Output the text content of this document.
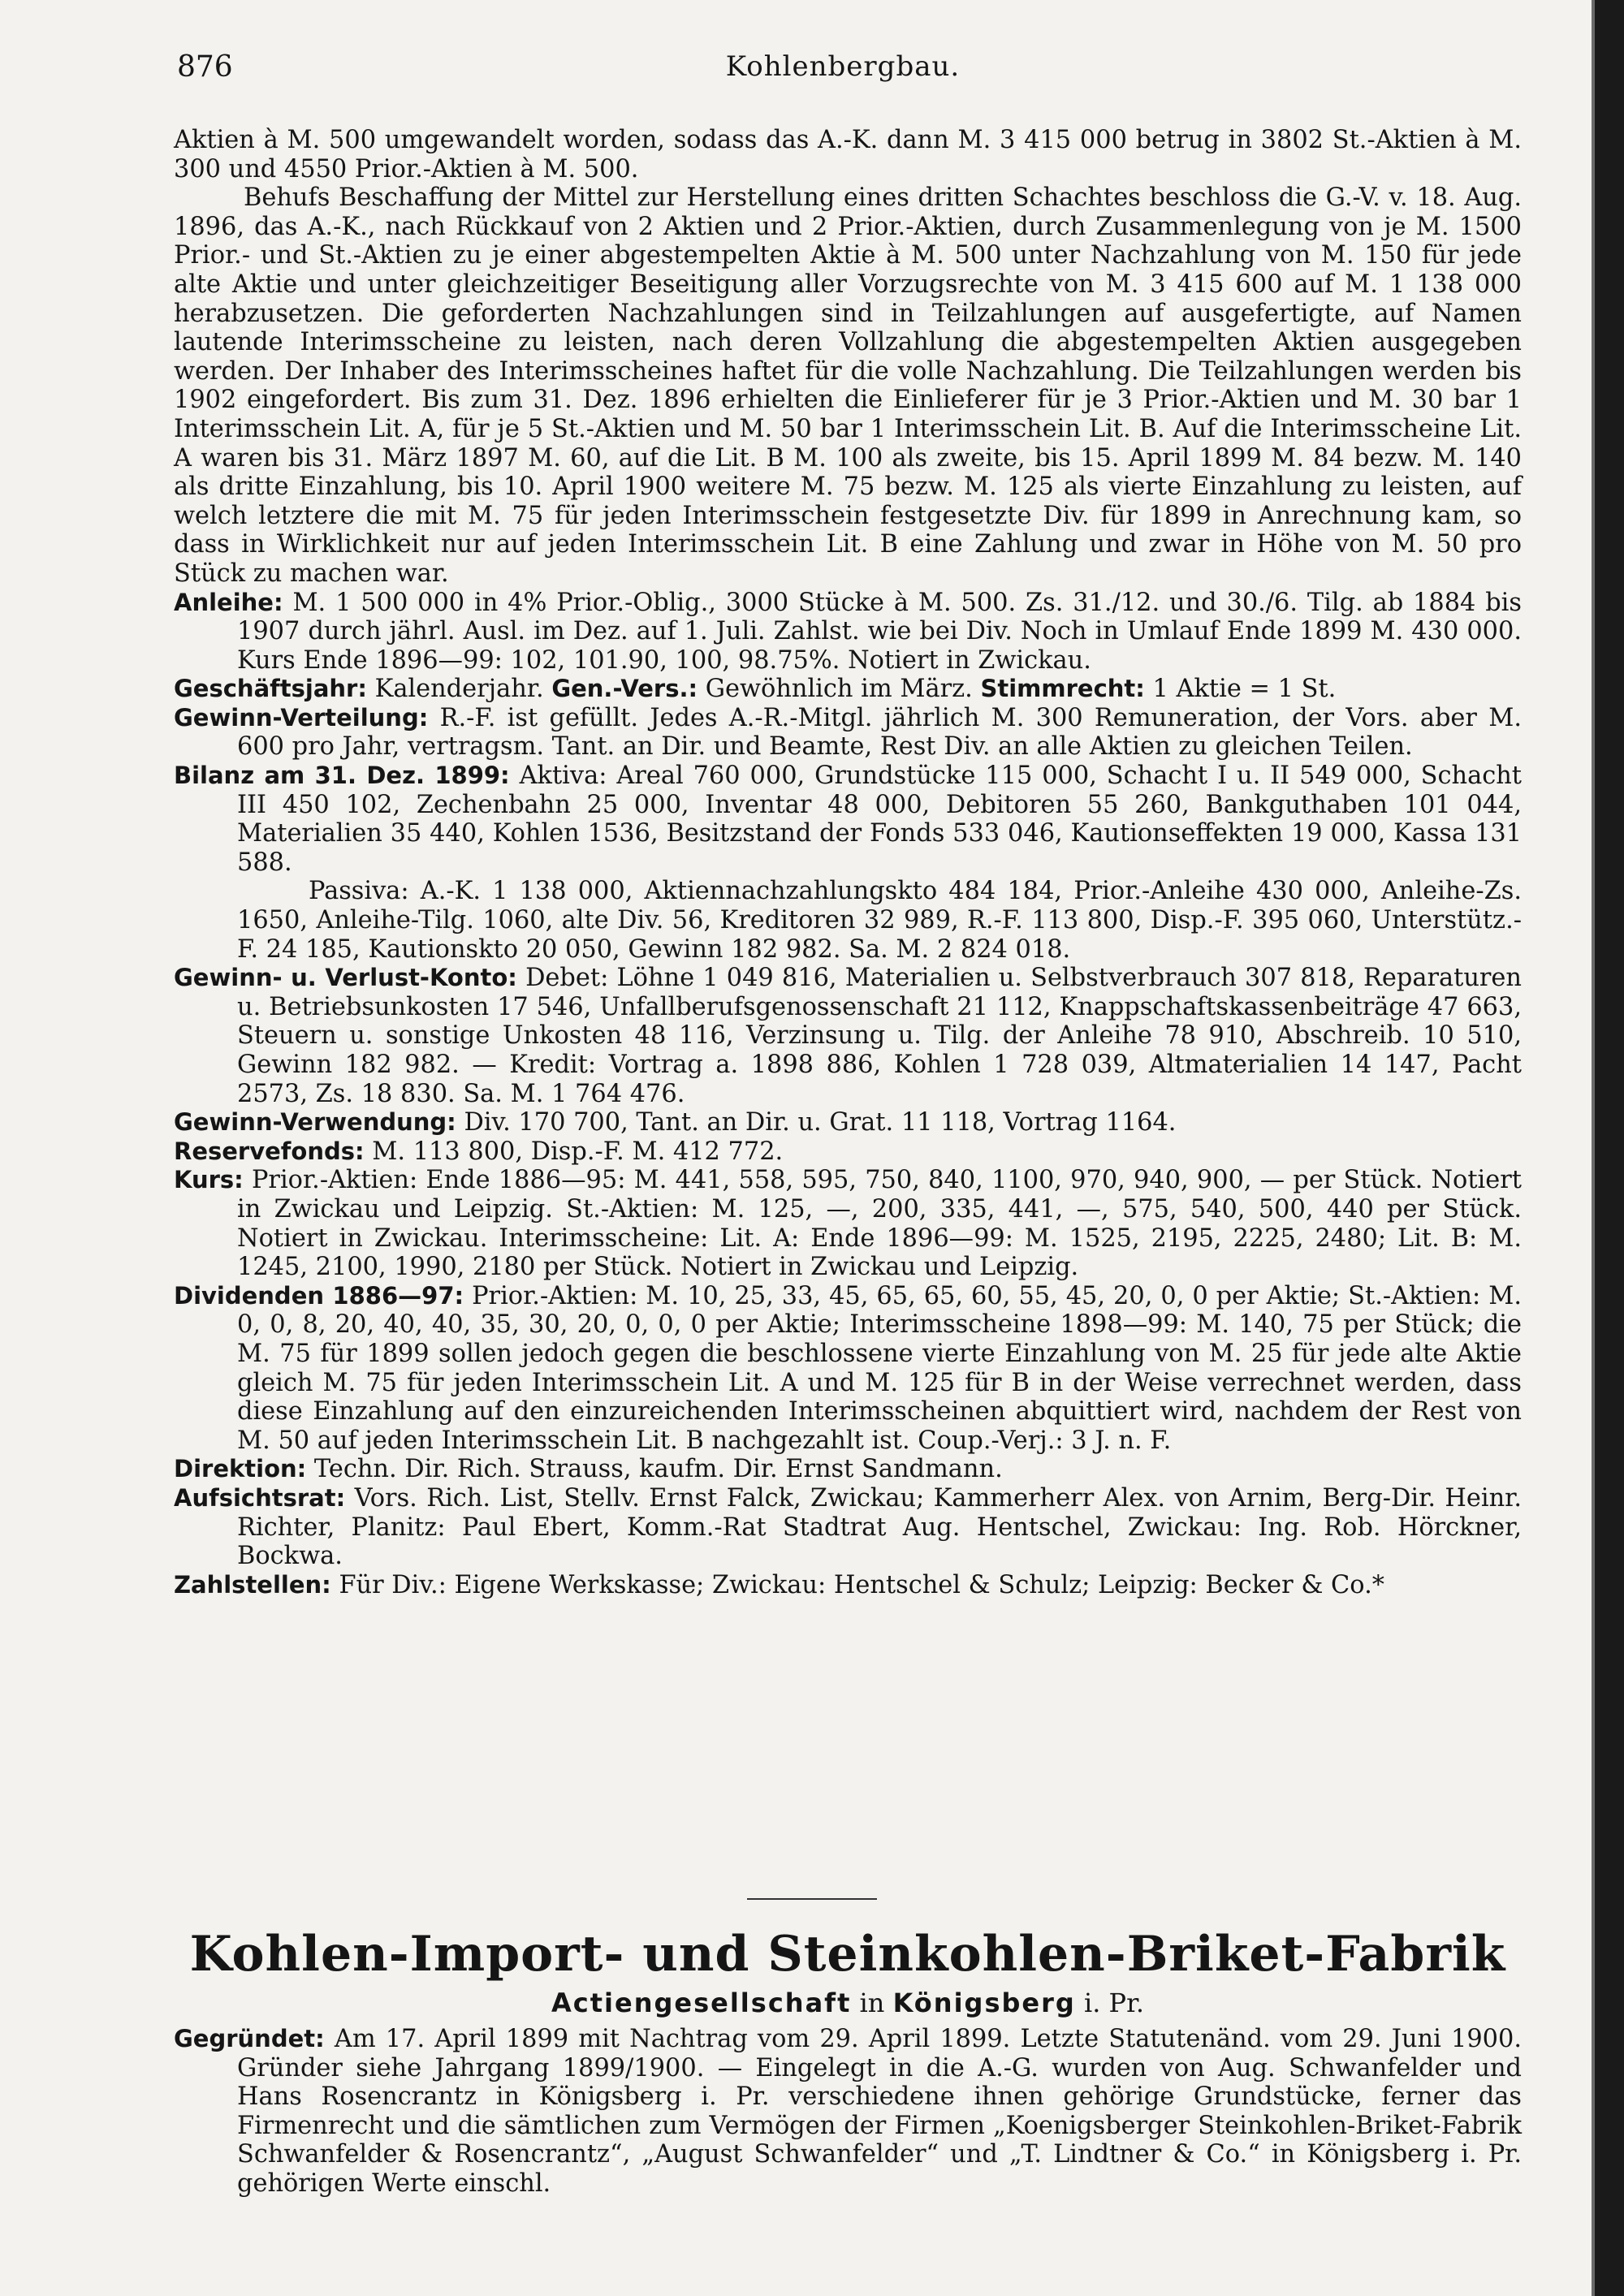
876	Kohlenbergbau.

Aktien à M. 500 umgewandelt worden, sodass das A.-K. dann M. 3 415 000 betrug in 3802 St.-Aktien à M. 300 und 4550 Prior.-Aktien à M. 500.

Behufs Beschaffung der Mittel zur Herstellung eines dritten Schachtes beschloss die G.-V. v. 18. Aug. 1896, das A.-K., nach Rückkauf von 2 Aktien und 2 Prior.-Aktien, durch Zusammenlegung von je M. 1500 Prior.- und St.-Aktien zu je einer abgestempelten Aktie à M. 500 unter Nachzahlung von M. 150 für jede alte Aktie und unter gleichzeitiger Beseitigung aller Vorzugsrechte von M. 3 415 600 auf M. 1 138 000 herabzusetzen. Die geforderten Nachzahlungen sind in Teilzahlungen auf ausgefertigte, auf Namen lautende Interimsscheine zu leisten, nach deren Vollzahlung die abgestempelten Aktien ausgegeben werden. Der Inhaber des Interimsscheines haftet für die volle Nachzahlung. Die Teilzahlungen werden bis 1902 eingefordert. Bis zum 31. Dez. 1896 erhielten die Einlieferer für je 3 Prior.-Aktien und M. 30 bar 1 Interimsschein Lit. A, für je 5 St.-Aktien und M. 50 bar 1 Interimsschein Lit. B. Auf die Interimsscheine Lit. A waren bis 31. März 1897 M. 60, auf die Lit. B M. 100 als zweite, bis 15. April 1899 M. 84 bezw. M. 140 als dritte Einzahlung, bis 10. April 1900 weitere M. 75 bezw. M. 125 als vierte Einzahlung zu leisten, auf welch letztere die mit M. 75 für jeden Interimsschein festgesetzte Div. für 1899 in Anrechnung kam, so dass in Wirklichkeit nur auf jeden Interimsschein Lit. B eine Zahlung und zwar in Höhe von M. 50 pro Stück zu machen war.

Anleihe: M. 1 500 000 in 4% Prior.-Oblig., 3000 Stücke à M. 500. Zs. 31./12. und 30./6. Tilg. ab 1884 bis 1907 durch jährl. Ausl. im Dez. auf 1. Juli. Zahlst. wie bei Div. Noch in Umlauf Ende 1899 M. 430 000. Kurs Ende 1896—99: 102, 101.90, 100, 98.75%. Notiert in Zwickau.

Geschäftsjahr: Kalenderjahr. Gen.-Vers.: Gewöhnlich im März. Stimmrecht: 1 Aktie = 1 St.

Gewinn-Verteilung: R.-F. ist gefüllt. Jedes A.-R.-Mitgl. jährlich M. 300 Remuneration, der Vors. aber M. 600 pro Jahr, vertragsm. Tant. an Dir. und Beamte, Rest Div. an alle Aktien zu gleichen Teilen.

Bilanz am 31. Dez. 1899: Aktiva: Areal 760 000, Grundstücke 115 000, Schacht I u. II 549 000, Schacht III 450 102, Zechenbahn 25 000, Inventar 48 000, Debitoren 55 260, Bankguthaben 101 044, Materialien 35 440, Kohlen 1536, Besitzstand der Fonds 533 046, Kautionseffekten 19 000, Kassa 131 588.

Passiva: A.-K. 1 138 000, Aktiennachzahlungskto 484 184, Prior.-Anleihe 430 000, Anleihe-Zs. 1650, Anleihe-Tilg. 1060, alte Div. 56, Kreditoren 32 989, R.-F. 113 800, Disp.-F. 395 060, Unterstütz.-F. 24 185, Kautionskto 20 050, Gewinn 182 982. Sa. M. 2 824 018.

Gewinn- u. Verlust-Konto: Debet: Löhne 1 049 816, Materialien u. Selbstverbrauch 307 818, Reparaturen u. Betriebsunkosten 17 546, Unfallberufsgenossenschaft 21 112, Knappschaftskassenbeiträge 47 663, Steuern u. sonstige Unkosten 48 116, Verzinsung u. Tilg. der Anleihe 78 910, Abschreib. 10 510, Gewinn 182 982. — Kredit: Vortrag a. 1898 886, Kohlen 1 728 039, Altmaterialien 14 147, Pacht 2573, Zs. 18 830. Sa. M. 1 764 476.

Gewinn-Verwendung: Div. 170 700, Tant. an Dir. u. Grat. 11 118, Vortrag 1164.

Reservefonds: M. 113 800, Disp.-F. M. 412 772.

Kurs: Prior.-Aktien: Ende 1886—95: M. 441, 558, 595, 750, 840, 1100, 970, 940, 900, — per Stück. Notiert in Zwickau und Leipzig. St.-Aktien: M. 125, —, 200, 335, 441, —, 575, 540, 500, 440 per Stück. Notiert in Zwickau. Interimsscheine: Lit. A: Ende 1896—99: M. 1525, 2195, 2225, 2480; Lit. B: M. 1245, 2100, 1990, 2180 per Stück. Notiert in Zwickau und Leipzig.

Dividenden 1886—97: Prior.-Aktien: M. 10, 25, 33, 45, 65, 65, 60, 55, 45, 20, 0, 0 per Aktie; St.-Aktien: M. 0, 0, 8, 20, 40, 40, 35, 30, 20, 0, 0, 0 per Aktie; Interimsscheine 1898—99: M. 140, 75 per Stück; die M. 75 für 1899 sollen jedoch gegen die beschlossene vierte Einzahlung von M. 25 für jede alte Aktie gleich M. 75 für jeden Interimsschein Lit. A und M. 125 für B in der Weise verrechnet werden, dass diese Einzahlung auf den einzureichenden Interimsscheinen abquittiert wird, nachdem der Rest von M. 50 auf jeden Interimsschein Lit. B nachgezahlt ist. Coup.-Verj.: 3 J. n. F.

Direktion: Techn. Dir. Rich. Strauss, kaufm. Dir. Ernst Sandmann.

Aufsichtsrat: Vors. Rich. List, Stellv. Ernst Falck, Zwickau; Kammerherr Alex. von Arnim, Berg-Dir. Heinr. Richter, Planitz: Paul Ebert, Komm.-Rat Stadtrat Aug. Hentschel, Zwickau: Ing. Rob. Hörckner, Bockwa.

Zahlstellen: Für Div.: Eigene Werkskasse; Zwickau: Hentschel & Schulz; Leipzig: Becker & Co.*

Kohlen-Import- und Steinkohlen-Briket-Fabrik
Actiengesellschaft in Königsberg i. Pr.

Gegründet: Am 17. April 1899 mit Nachtrag vom 29. April 1899. Letzte Statutenänd. vom 29. Juni 1900. Gründer siehe Jahrgang 1899/1900. — Eingelegt in die A.-G. wurden von Aug. Schwanfelder und Hans Rosencrantz in Königsberg i. Pr. verschiedene ihnen gehörige Grundstücke, ferner das Firmenrecht und die sämtlichen zum Vermögen der Firmen „Koenigsberger Steinkohlen-Briket-Fabrik Schwanfelder & Rosencrantz“, „August Schwanfelder“ und „T. Lindtner & Co.“ in Königsberg i. Pr. gehörigen Werte einschl.
